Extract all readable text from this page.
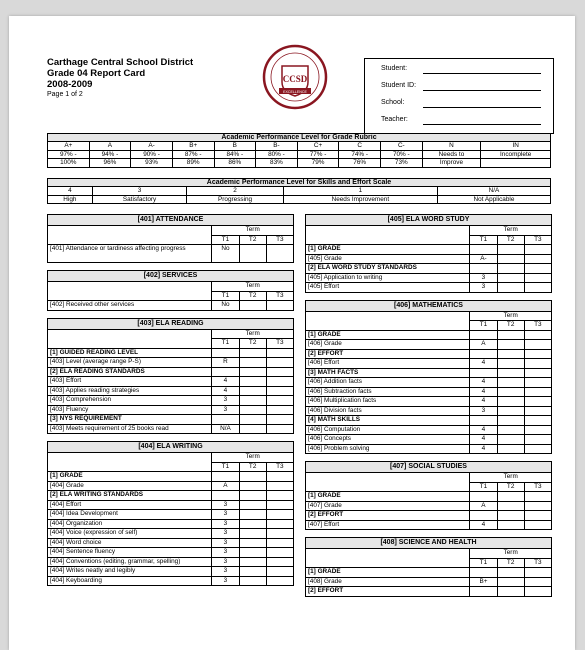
Carthage Central School District
Grade 04 Report Card
2008-2009
Page 1 of 2
CCSD
EXCELLENCE
Student:
Student ID:
School:
Teacher:
Academic Performance Level for Grade Rubric										
A+	A	A-	B+	B	B-	C+	C	C-	N	IN
97% -	94% -	90% -	87% -	84% -	80% -	77% -	74% -	70% -	Needs to	Incomplete
100%	96%	93%	89%	86%	83%	79%	76%	73%	Improve	
Academic Performance Level for Skills and Effort Scale				
4	3	2	1	N/A
High	Satisfactory	Progressing	Needs Improvement	Not Applicable
[401] ATTENDANCE			
	Term		
	T1	T2	T3
[401] Attendance or tardiness affecting progress	No		
[402] SERVICES			
	Term		
	T1	T2	T3
[402] Received other services	No		
[403] ELA READING			
	Term		
	T1	T2	T3
[1] GUIDED READING LEVEL			
[403] Level (average range P-S)	R		
[2] ELA READING STANDARDS			
[403] Effort	4		
[403] Applies reading strategies	4		
[403] Comprehension	3		
[403] Fluency	3		
[3] NYS REQUIREMENT			
[403] Meets requirement of 25 books read	N/A		
[404] ELA WRITING			
	Term		
	T1	T2	T3
[1] GRADE			
[404] Grade	A		
[2] ELA WRITING STANDARDS			
[404] Effort	3		
[404] Idea Development	3		
[404] Organization	3		
[404] Voice (expression of self)	3		
[404] Word choice	3		
[404] Sentence fluency	3		
[404] Conventions (editing, grammar, spelling)	3		
[404] Writes neatly and legibly	3		
[404] Keyboarding	3		
[405] ELA WORD STUDY			
	Term		
	T1	T2	T3
[1] GRADE			
[405] Grade	A-		
[2] ELA WORD STUDY STANDARDS			
[405] Application to writing	3		
[405] Effort	3		
[406] MATHEMATICS			
	Term		
	T1	T2	T3
[1] GRADE			
[406] Grade	A		
[2] EFFORT			
[406] Effort	4		
[3] MATH FACTS			
[406] Addition facts	4		
[406] Subtraction facts	4		
[406] Multiplication facts	4		
[406] Division facts	3		
[4] MATH SKILLS			
[406] Computation	4		
[406] Concepts	4		
[406] Problem solving	4		
[407] SOCIAL STUDIES			
	Term		
	T1	T2	T3
[1] GRADE			
[407] Grade	A		
[2] EFFORT			
[407] Effort	4		
[408] SCIENCE AND HEALTH			
	Term		
	T1	T2	T3
[1] GRADE			
[408] Grade	B+		
[2] EFFORT			
